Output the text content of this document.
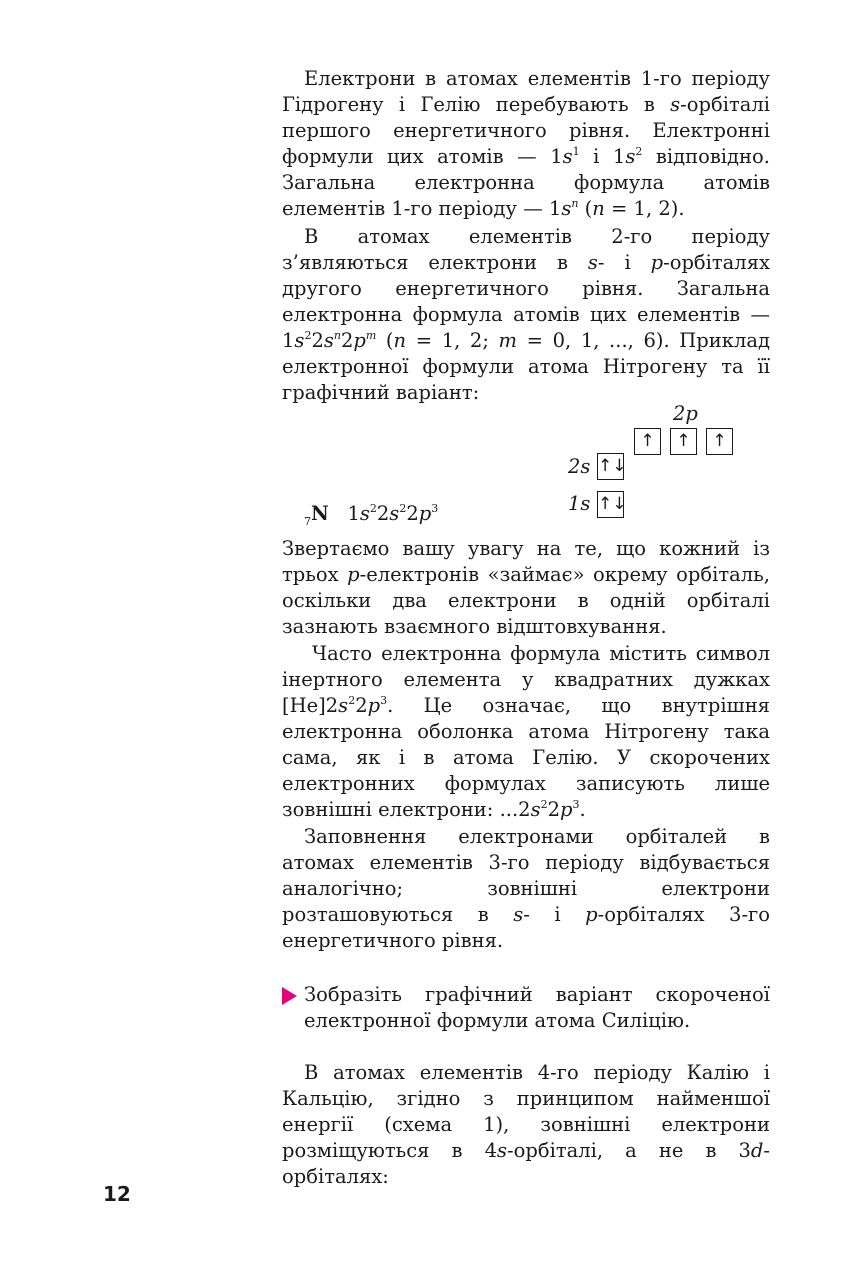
Електрони в атомах елементів 1-го періоду Гідрогену і Гелію перебувають в s-орбіталі першого енергетичного рівня. Електронні формули цих атомів — $1s^1$ і $1s^2$ відповідно. Загальна електронна формула атомів елементів 1-го періоду — $1s^n$ (n = 1, 2).

В атомах елементів 2-го періоду з’являються електрони в s- і p-орбіталях другого енергетичного рівня. Загальна електронна формула атомів цих елементів — $1s^22s^n2p^m$ (n = 1, 2; m = 0, 1, ..., 6). Приклад електронної формули атома Нітрогену та її графічний варіант:

2p
↑	↑	↑
2s ↑↓
1s ↑↓
$_7$N $1s^22s^22p^3$

Звертаємо вашу увагу на те, що кожний із трьох p-електронів «займає» окрему орбіталь, оскільки два електрони в одній орбіталі зазнають взаємного відштовхування.

Часто електронна формула містить символ інертного елемента у квадратних дужках $[He]2s^22p^3$. Це означає, що внутрішня електронна оболонка атома Нітрогену така сама, як і в атома Гелію. У скорочених електронних формулах записують лише зовнішні електрони: $...2s^22p^3$.

Заповнення електронами орбіталей в атомах елементів 3-го періоду відбувається аналогічно; зовнішні електрони розташовуються в s- і p-орбіталях 3-го енергетичного рівня.

Зобразіть графічний варіант скороченої електронної формули атома Силіцію.

В атомах елементів 4-го періоду Калію і Кальцію, згідно з принципом найменшої енергії (схема 1), зовнішні електрони розміщуються в 4s-орбіталі, а не в 3d-орбіталях:

12
